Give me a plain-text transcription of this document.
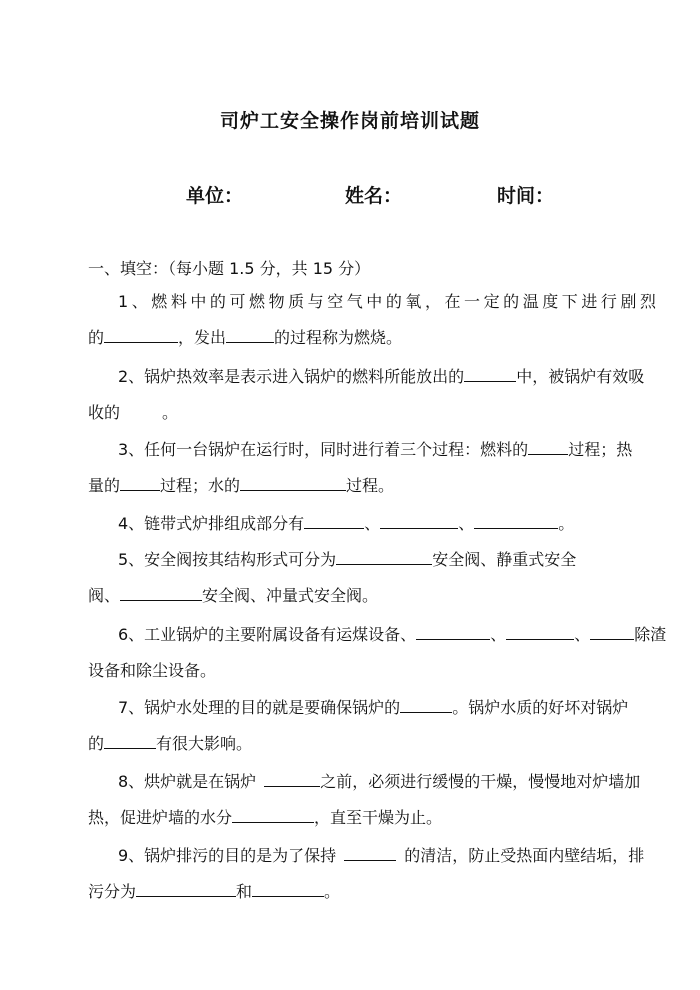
司炉工安全操作岗前培训试题
单位：	姓名：	时间：
一、填空：（每小题 1.5 分，共 15 分）
1、燃料中的可燃物质与空气中的氧，在一定的温度下进行剧烈
的	，发出	的过程称为燃烧。
2、锅炉热效率是表示进入锅炉的燃料所能放出的	中，被锅炉有效吸
收的	。
3、任何一台锅炉在运行时，同时进行着三个过程：燃料的	过程；热
量的	过程；水的	过程。
4、链带式炉排组成部分有	、	、	。
5、安全阀按其结构形式可分为	安全阀、静重式安全
阀、	安全阀、冲量式安全阀。
6、工业锅炉的主要附属设备有运煤设备、	、	、	除渣
设备和除尘设备。
7、锅炉水处理的目的就是要确保锅炉的	。锅炉水质的好坏对锅炉
的	有很大影响。
8、烘炉就是在锅炉	之前，必须进行缓慢的干燥，慢慢地对炉墙加
热，促进炉墙的水分	，直至干燥为止。
9、锅炉排污的目的是为了保持	的清洁，防止受热面内壁结垢，排
污分为	和	。
